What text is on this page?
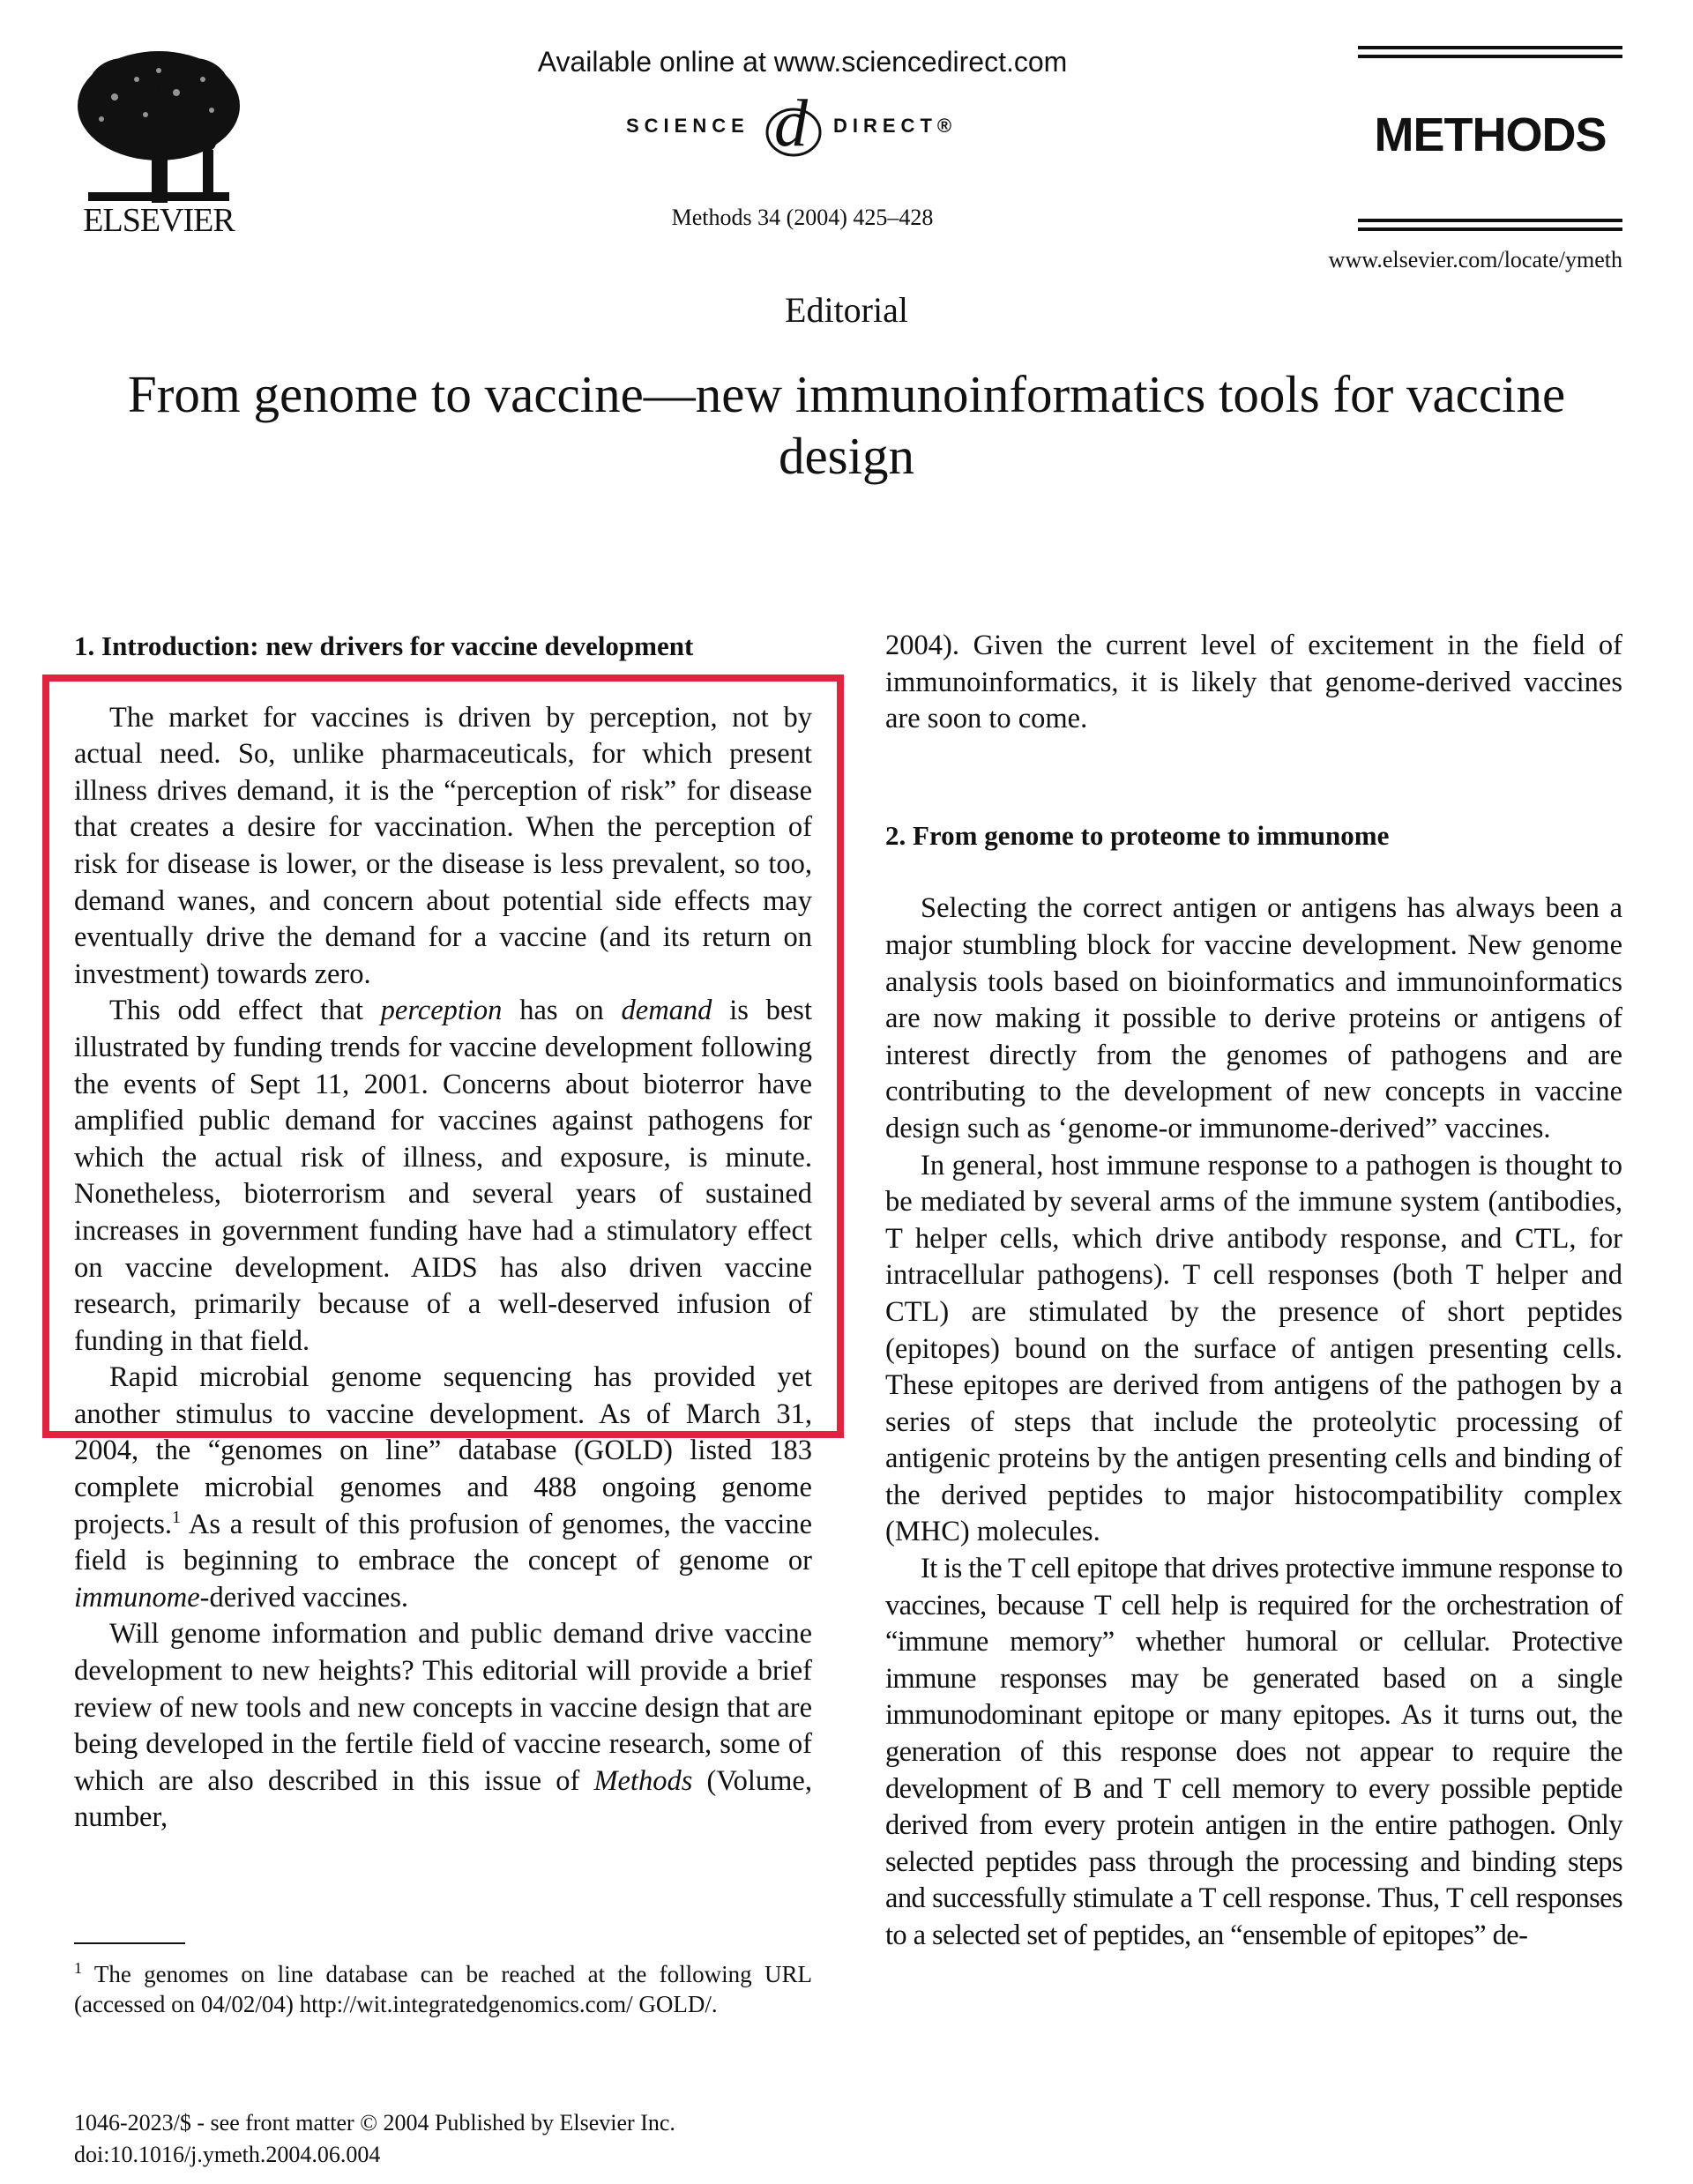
ELSEVIER
Available online at www.sciencedirect.com
SCIENCE d DIRECT®
Methods 34 (2004) 425–428
METHODS
www.elsevier.com/locate/ymeth
Editorial
From genome to vaccine—new immunoinformatics tools for vaccine design

1. Introduction: new drivers for vaccine development

The market for vaccines is driven by perception, not by actual need. So, unlike pharmaceuticals, for which present illness drives demand, it is the “perception of risk” for disease that creates a desire for vaccination. When the perception of risk for disease is lower, or the disease is less prevalent, so too, demand wanes, and concern about potential side effects may eventually drive the demand for a vaccine (and its return on investment) towards zero.

This odd effect that perception has on demand is best illustrated by funding trends for vaccine development following the events of Sept 11, 2001. Concerns about bioterror have amplified public demand for vaccines against pathogens for which the actual risk of illness, and exposure, is minute. Nonetheless, bioterrorism and several years of sustained increases in government funding have had a stimulatory effect on vaccine development. AIDS has also driven vaccine research, primarily because of a well-deserved infusion of funding in that field.

Rapid microbial genome sequencing has provided yet another stimulus to vaccine development. As of March 31, 2004, the “genomes on line” database (GOLD) listed 183 complete microbial genomes and 488 ongoing genome projects.$^1$ As a result of this profusion of genomes, the vaccine field is beginning to embrace the concept of genome or immunome-derived vaccines.

Will genome information and public demand drive vaccine development to new heights? This editorial will provide a brief review of new tools and new concepts in vaccine design that are being developed in the fertile field of vaccine research, some of which are also described in this issue of Methods (Volume, number,

2004). Given the current level of excitement in the field of immunoinformatics, it is likely that genome-derived vaccines are soon to come.

2. From genome to proteome to immunome

Selecting the correct antigen or antigens has always been a major stumbling block for vaccine development. New genome analysis tools based on bioinformatics and immunoinformatics are now making it possible to derive proteins or antigens of interest directly from the genomes of pathogens and are contributing to the development of new concepts in vaccine design such as ‘genome-or immunome-derived” vaccines.

In general, host immune response to a pathogen is thought to be mediated by several arms of the immune system (antibodies, T helper cells, which drive antibody response, and CTL, for intracellular pathogens). T cell responses (both T helper and CTL) are stimulated by the presence of short peptides (epitopes) bound on the surface of antigen presenting cells. These epitopes are derived from antigens of the pathogen by a series of steps that include the proteolytic processing of antigenic proteins by the antigen presenting cells and binding of the derived peptides to major histocompatibility complex (MHC) molecules.

It is the T cell epitope that drives protective immune response to vaccines, because T cell help is required for the orchestration of “immune memory” whether humoral or cellular. Protective immune responses may be generated based on a single immunodominant epitope or many epitopes. As it turns out, the generation of this response does not appear to require the development of B and T cell memory to every possible peptide derived from every protein antigen in the entire pathogen. Only selected peptides pass through the processing and binding steps and successfully stimulate a T cell response. Thus, T cell responses to a selected set of peptides, an “ensemble of epitopes” de-

$^1$ The genomes on line database can be reached at the following URL (accessed on 04/02/04) http://wit.integratedgenomics.com/ GOLD/.
1046-2023/$ - see front matter © 2004 Published by Elsevier Inc.
doi:10.1016/j.ymeth.2004.06.004
